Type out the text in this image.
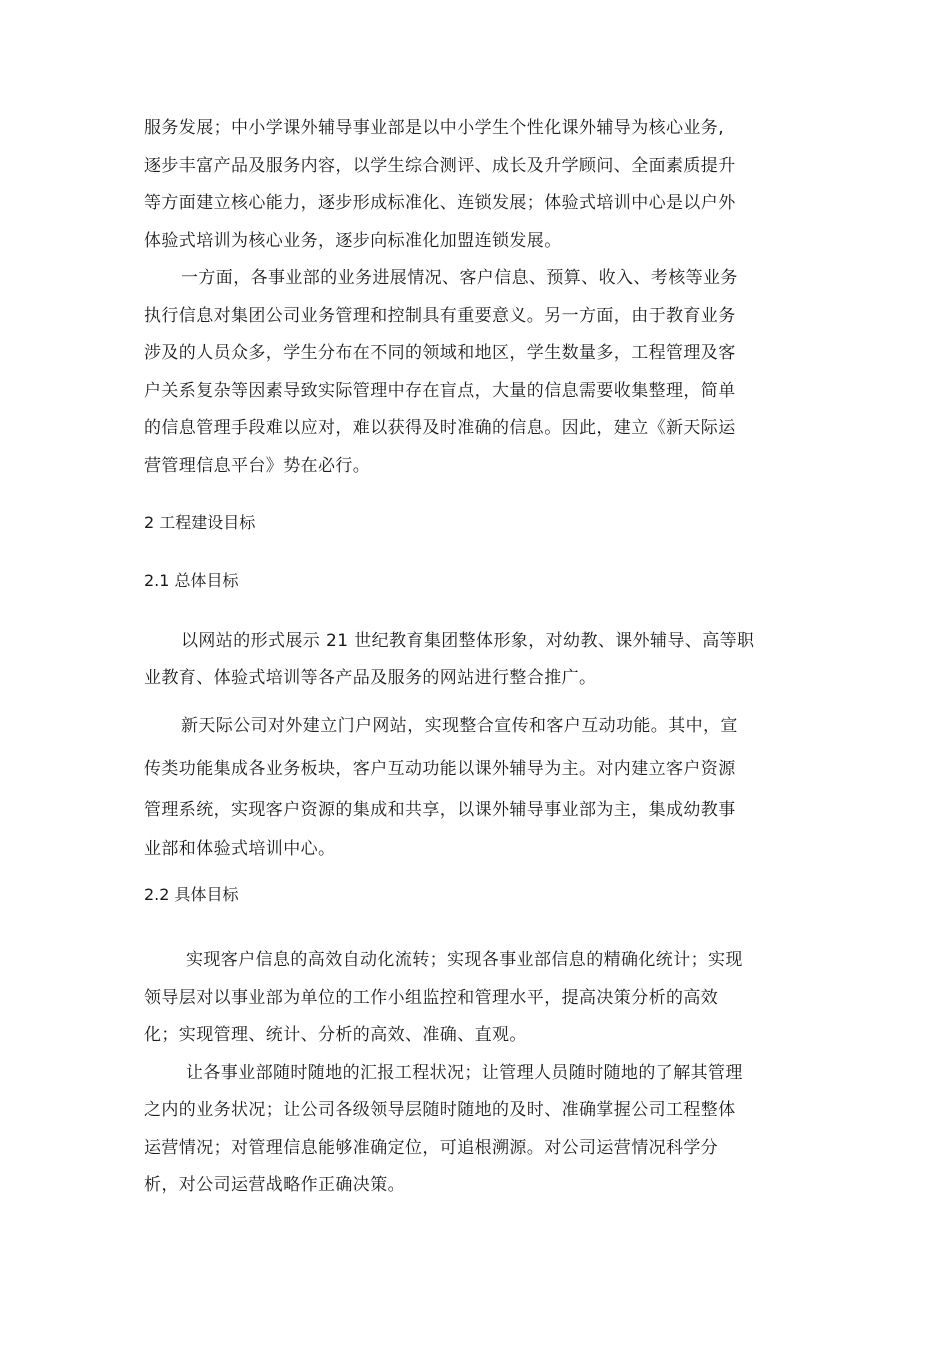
服务发展；中小学课外辅导事业部是以中小学生个性化课外辅导为核心业务,
逐步丰富产品及服务内容，以学生综合测评、成长及升学顾问、全面素质提升
等方面建立核心能力，逐步形成标准化、连锁发展；体验式培训中心是以户外
体验式培训为核心业务，逐步向标准化加盟连锁发展。
一方面，各事业部的业务进展情况、客户信息、预算、收入、考核等业务
执行信息对集团公司业务管理和控制具有重要意义。另一方面，由于教育业务
涉及的人员众多，学生分布在不同的领域和地区，学生数量多，工程管理及客
户关系复杂等因素导致实际管理中存在盲点，大量的信息需要收集整理，简单
的信息管理手段难以应对，难以获得及时准确的信息。因此，建立《新天际运
营管理信息平台》势在必行。
2 工程建设目标
2.1 总体目标
以网站的形式展示 21 世纪教育集团整体形象，对幼教、课外辅导、高等职
业教育、体验式培训等各产品及服务的网站进行整合推广。
新天际公司对外建立门户网站，实现整合宣传和客户互动功能。其中，宣
传类功能集成各业务板块，客户互动功能以课外辅导为主。对内建立客户资源
管理系统，实现客户资源的集成和共享，以课外辅导事业部为主，集成幼教事
业部和体验式培训中心。
2.2 具体目标
实现客户信息的高效自动化流转；实现各事业部信息的精确化统计；实现
领导层对以事业部为单位的工作小组监控和管理水平，提高决策分析的高效
化；实现管理、统计、分析的高效、准确、直观。
让各事业部随时随地的汇报工程状况；让管理人员随时随地的了解其管理
之内的业务状况；让公司各级领导层随时随地的及时、准确掌握公司工程整体
运营情况；对管理信息能够准确定位，可追根溯源。对公司运营情况科学分
析，对公司运营战略作正确决策。
